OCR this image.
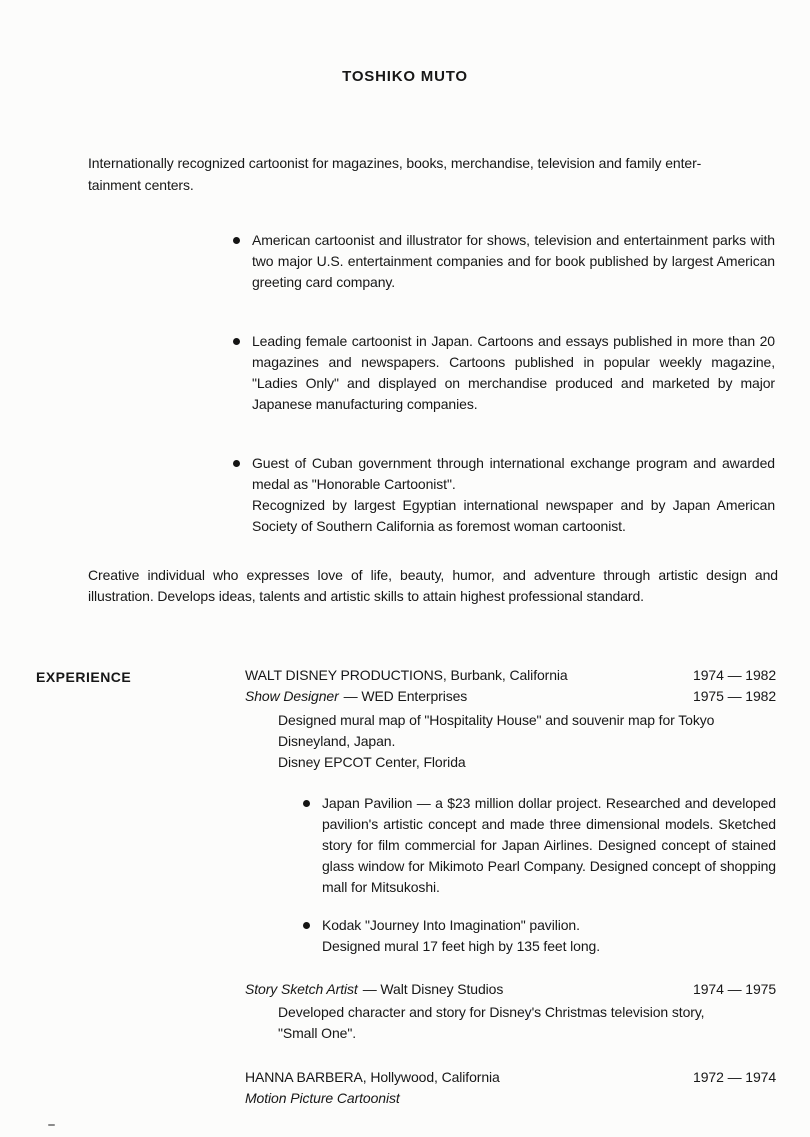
TOSHIKO MUTO
Internationally recognized cartoonist for magazines, books, merchandise, television and family enter-
tainment centers.
American cartoonist and illustrator for shows, television and entertainment parks with two major U.S. entertainment companies and for book published by largest American greeting card company.
Leading female cartoonist in Japan. Cartoons and essays published in more than 20 magazines and newspapers. Cartoons published in popular weekly magazine, "Ladies Only" and displayed on merchandise produced and marketed by major Japanese manufacturing companies.
Guest of Cuban government through international exchange program and awarded medal as "Honorable Cartoonist".
Recognized by largest Egyptian international newspaper and by Japan American Society of Southern California as foremost woman cartoonist.
Creative individual who expresses love of life, beauty, humor, and adventure through artistic design and illustration. Develops ideas, talents and artistic skills to attain highest professional standard.
EXPERIENCE	WALT DISNEY PRODUCTIONS, Burbank, California	1974 — 1982
Show Designer — WED Enterprises	1975 — 1982
Designed mural map of "Hospitality House" and souvenir map for Tokyo
Disneyland, Japan.
Disney EPCOT Center, Florida
Japan Pavilion — a $23 million dollar project. Researched and developed pavilion's artistic concept and made three dimensional models. Sketched story for film commercial for Japan Airlines. Designed concept of stained glass window for Mikimoto Pearl Company. Designed concept of shopping mall for Mitsukoshi.
Kodak "Journey Into Imagination" pavilion.
Designed mural 17 feet high by 135 feet long.
Story Sketch Artist — Walt Disney Studios	1974 — 1975
Developed character and story for Disney's Christmas television story,
"Small One".
HANNA BARBERA, Hollywood, California	1972 — 1974
Motion Picture Cartoonist
